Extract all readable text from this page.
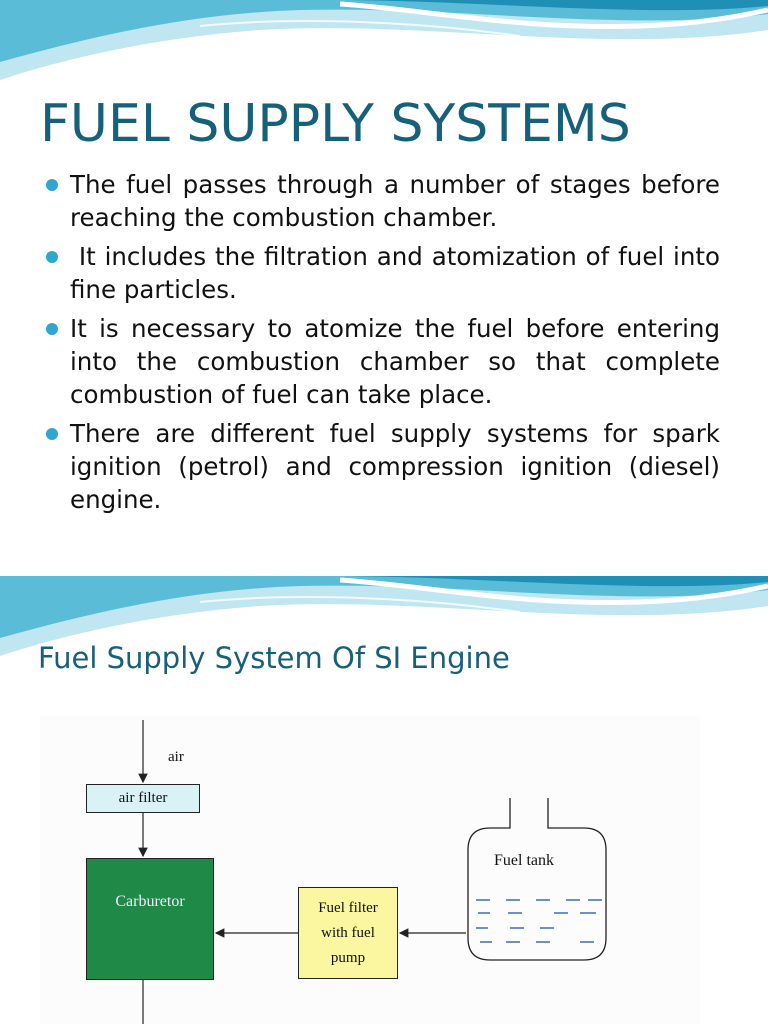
FUEL SUPPLY SYSTEMS
The fuel passes through a number of stages before reaching the combustion chamber.
It includes the filtration and atomization of fuel into fine particles.
It is necessary to atomize the fuel before entering into the combustion chamber so that complete combustion of fuel can take place.
There are different fuel supply systems for spark ignition (petrol) and compression ignition (diesel) engine.
Fuel Supply System Of SI Engine
air
air filter
Carburetor	Fuel filter
with fuel
pump
Fuel tank
